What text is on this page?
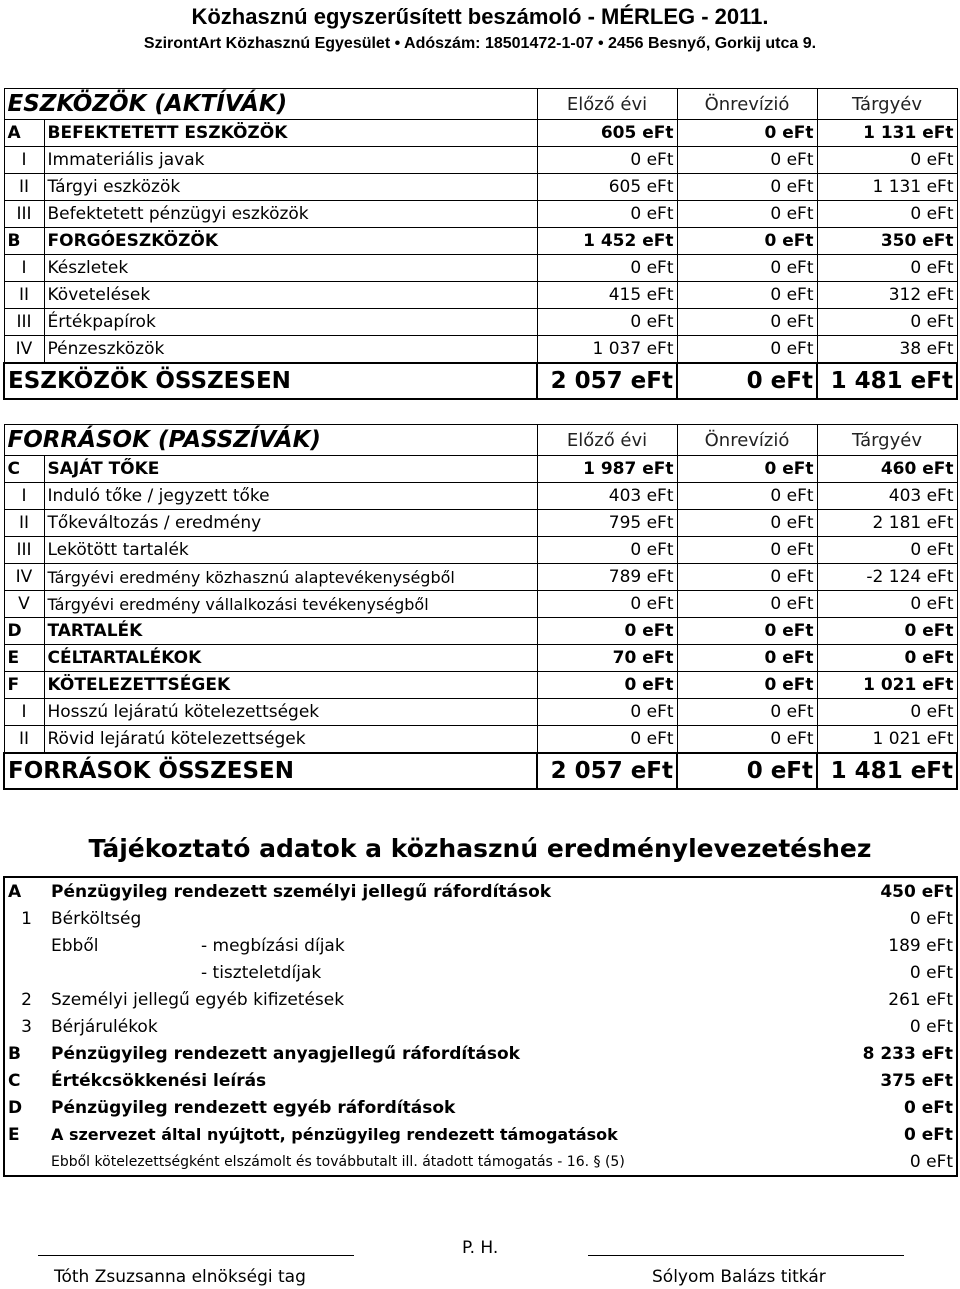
Közhasznú egyszerűsített beszámoló - MÉRLEG - 2011.
SzirontArt Közhasznú Egyesület • Adószám: 18501472-1-07 • 2456 Besnyő, Gorkij utca 9.
ESZKÖZÖK (AKTÍVÁK)		Előző évi	Önrevízió	Tárgyév
A	BEFEKTETETT ESZKÖZÖK	605 eFt	0 eFt	1 131 eFt
I	Immateriális javak	0 eFt	0 eFt	0 eFt
II	Tárgyi eszközök	605 eFt	0 eFt	1 131 eFt
III	Befektetett pénzügyi eszközök	0 eFt	0 eFt	0 eFt
B	FORGÓESZKÖZÖK	1 452 eFt	0 eFt	350 eFt
I	Készletek	0 eFt	0 eFt	0 eFt
II	Követelések	415 eFt	0 eFt	312 eFt
III	Értékpapírok	0 eFt	0 eFt	0 eFt
IV	Pénzeszközök	1 037 eFt	0 eFt	38 eFt
ESZKÖZÖK ÖSSZESEN		2 057 eFt	0 eFt	1 481 eFt
FORRÁSOK (PASSZÍVÁK)		Előző évi	Önrevízió	Tárgyév
C	SAJÁT TŐKE	1 987 eFt	0 eFt	460 eFt
I	Induló tőke / jegyzett tőke	403 eFt	0 eFt	403 eFt
II	Tőkeváltozás / eredmény	795 eFt	0 eFt	2 181 eFt
III	Lekötött tartalék	0 eFt	0 eFt	0 eFt
IV	Tárgyévi eredmény közhasznú alaptevékenységből	789 eFt	0 eFt	-2 124 eFt
V	Tárgyévi eredmény vállalkozási tevékenységből	0 eFt	0 eFt	0 eFt
D	TARTALÉK	0 eFt	0 eFt	0 eFt
E	CÉLTARTALÉKOK	70 eFt	0 eFt	0 eFt
F	KÖTELEZETTSÉGEK	0 eFt	0 eFt	1 021 eFt
I	Hosszú lejáratú kötelezettségek	0 eFt	0 eFt	0 eFt
II	Rövid lejáratú kötelezettségek	0 eFt	0 eFt	1 021 eFt
FORRÁSOK ÖSSZESEN		2 057 eFt	0 eFt	1 481 eFt
Tájékoztató adatok a közhasznú eredménylevezetéshez
A	Pénzügyileg rendezett személyi jellegű ráfordítások		450 eFt
1	Bérköltség		0 eFt
	Ebből	- megbízási díjak	189 eFt
		- tiszteletdíjak	0 eFt
2	Személyi jellegű egyéb kifizetések		261 eFt
3	Bérjárulékok		0 eFt
B	Pénzügyileg rendezett anyagjellegű ráfordítások		8 233 eFt
C	Értékcsökkenési leírás		375 eFt
D	Pénzügyileg rendezett egyéb ráfordítások		0 eFt
E	A szervezet által nyújtott, pénzügyileg rendezett támogatások		0 eFt
	Ebből kötelezettségként elszámolt és továbbutalt ill. átadott támogatás - 16. § (5)		0 eFt
P. H.
Tóth Zsuzsanna elnökségi tag	Sólyom Balázs titkár
